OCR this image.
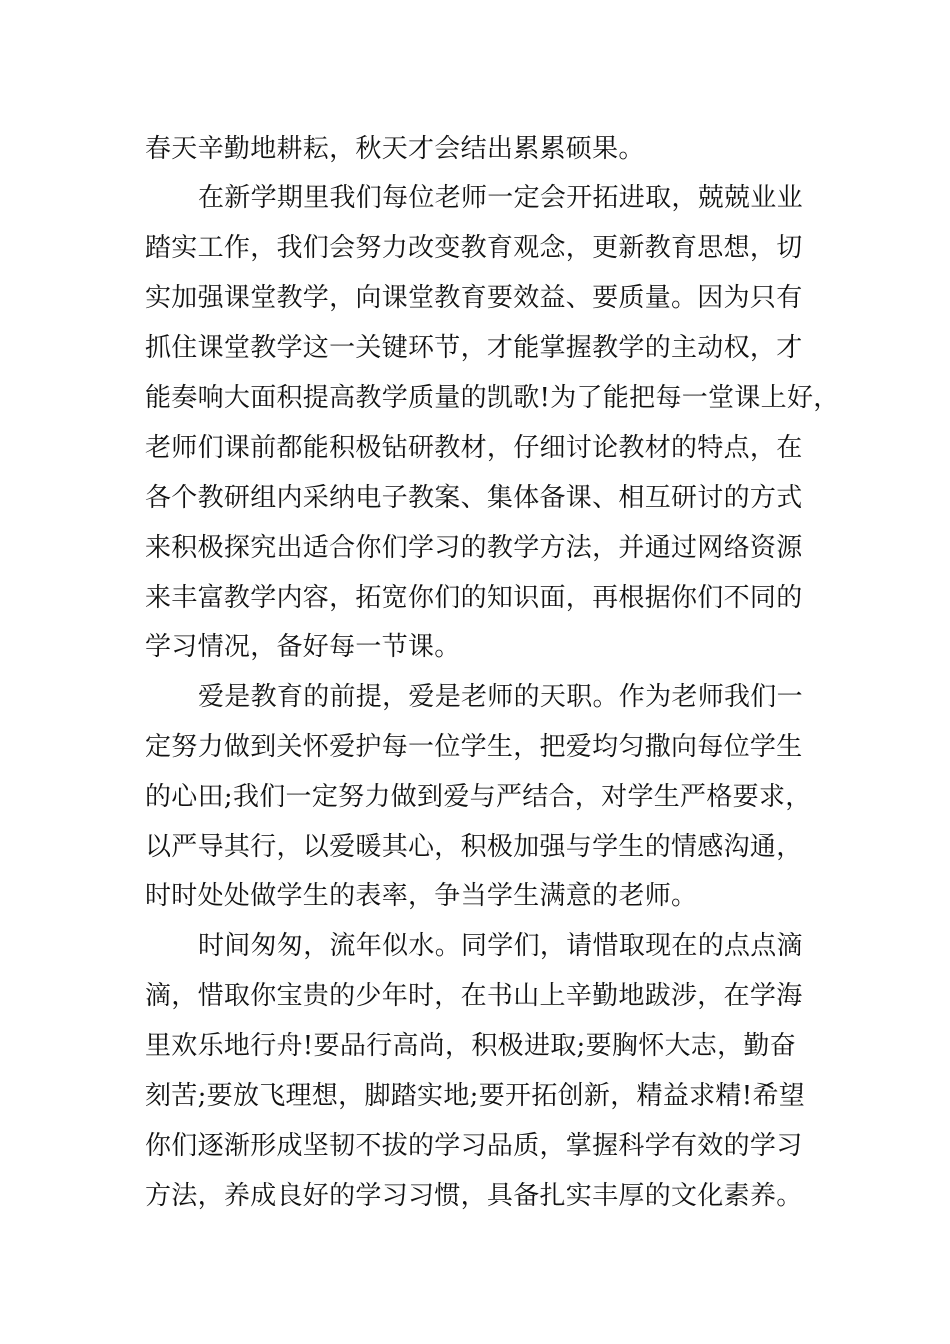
春天辛勤地耕耘，秋天才会结出累累硕果。
在新学期里我们每位老师一定会开拓进取，兢兢业业
踏实工作，我们会努力改变教育观念，更新教育思想，切
实加强课堂教学，向课堂教育要效益、要质量。因为只有
抓住课堂教学这一关键环节，才能掌握教学的主动权，才
能奏响大面积提高教学质量的凯歌!为了能把每一堂课上好，
老师们课前都能积极钻研教材，仔细讨论教材的特点，在
各个教研组内采纳电子教案、集体备课、相互研讨的方式
来积极探究出适合你们学习的教学方法，并通过网络资源
来丰富教学内容，拓宽你们的知识面，再根据你们不同的
学习情况，备好每一节课。
爱是教育的前提，爱是老师的天职。作为老师我们一
定努力做到关怀爱护每一位学生，把爱均匀撒向每位学生
的心田;我们一定努力做到爱与严结合，对学生严格要求，
以严导其行，以爱暖其心，积极加强与学生的情感沟通，
时时处处做学生的表率，争当学生满意的老师。
时间匆匆，流年似水。同学们，请惜取现在的点点滴
滴，惜取你宝贵的少年时，在书山上辛勤地跋涉，在学海
里欢乐地行舟!要品行高尚，积极进取;要胸怀大志，勤奋
刻苦;要放飞理想，脚踏实地;要开拓创新，精益求精!希望
你们逐渐形成坚韧不拔的学习品质，掌握科学有效的学习
方法，养成良好的学习习惯，具备扎实丰厚的文化素养。
